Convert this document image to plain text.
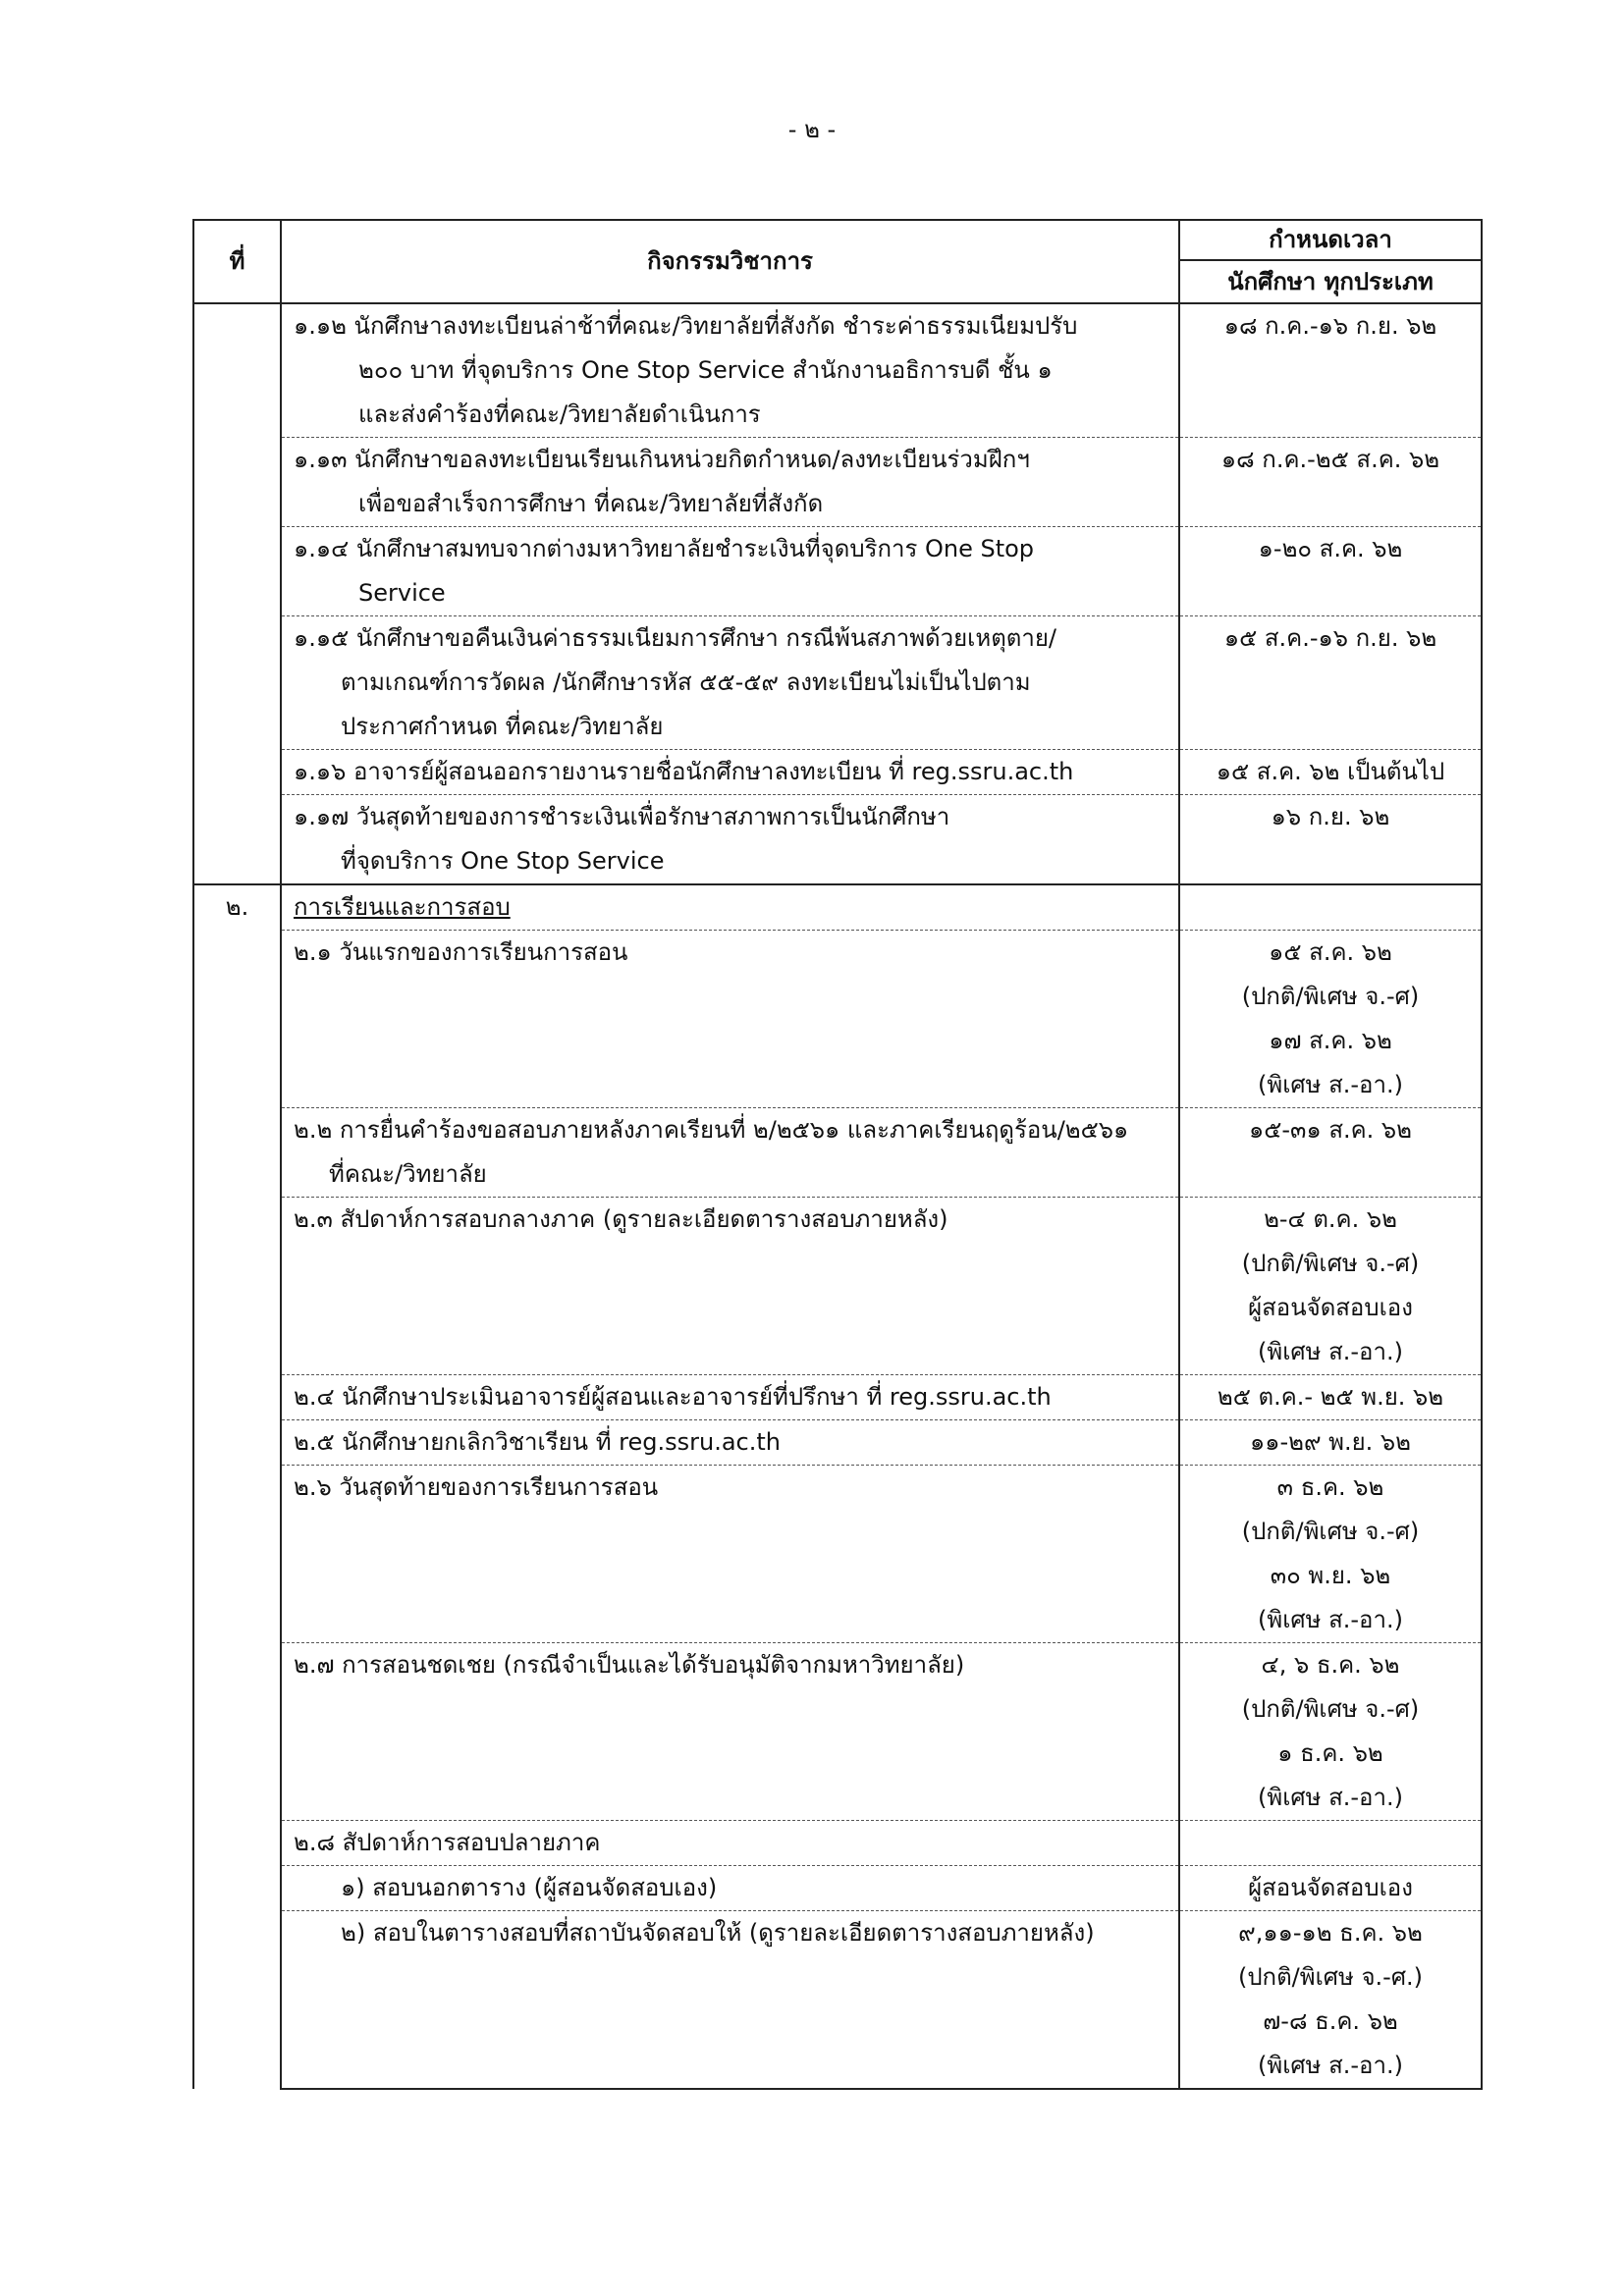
- ๒ -
ที่	กิจกรรมวิชาการ	กำหนดเวลา
		นักศึกษา ทุกประเภท

	๑.๑๒ นักศึกษาลงทะเบียนล่าช้าที่คณะ/วิทยาลัยที่สังกัด ชำระค่าธรรมเนียมปรับ
๒๐๐ บาท ที่จุดบริการ One Stop Service สำนักงานอธิการบดี ชั้น ๑
และส่งคำร้องที่คณะ/วิทยาลัยดำเนินการ	๑๘ ก.ค.-๑๖ ก.ย. ๖๒

	๑.๑๓ นักศึกษาขอลงทะเบียนเรียนเกินหน่วยกิตกำหนด/ลงทะเบียนร่วมฝึกฯ
เพื่อขอสำเร็จการศึกษา ที่คณะ/วิทยาลัยที่สังกัด	๑๘ ก.ค.-๒๕ ส.ค. ๖๒

	๑.๑๔ นักศึกษาสมทบจากต่างมหาวิทยาลัยชำระเงินที่จุดบริการ One Stop
Service	๑-๒๐ ส.ค. ๖๒

	๑.๑๕ นักศึกษาขอคืนเงินค่าธรรมเนียมการศึกษา กรณีพ้นสภาพด้วยเหตุตาย/
ตามเกณฑ์การวัดผล /นักศึกษารหัส ๕๕-๕๙ ลงทะเบียนไม่เป็นไปตาม
ประกาศกำหนด ที่คณะ/วิทยาลัย	๑๕ ส.ค.-๑๖ ก.ย. ๖๒

	๑.๑๖ อาจารย์ผู้สอนออกรายงานรายชื่อนักศึกษาลงทะเบียน ที่ reg.ssru.ac.th	๑๕ ส.ค. ๖๒ เป็นต้นไป

	๑.๑๗ วันสุดท้ายของการชำระเงินเพื่อรักษาสภาพการเป็นนักศึกษา
ที่จุดบริการ One Stop Service	๑๖ ก.ย. ๖๒

๒.	การเรียนและการสอบ	

	๒.๑ วันแรกของการเรียนการสอน	๑๕ ส.ค. ๖๒
(ปกติ/พิเศษ จ.-ศ)
๑๗ ส.ค. ๖๒
(พิเศษ ส.-อา.)

	๒.๒ การยื่นคำร้องขอสอบภายหลังภาคเรียนที่ ๒/๒๕๖๑ และภาคเรียนฤดูร้อน/๒๕๖๑
ที่คณะ/วิทยาลัย	๑๕-๓๑ ส.ค. ๖๒

	๒.๓ สัปดาห์การสอบกลางภาค (ดูรายละเอียดตารางสอบภายหลัง)	๒-๔ ต.ค. ๖๒
(ปกติ/พิเศษ จ.-ศ)
ผู้สอนจัดสอบเอง
(พิเศษ ส.-อา.)

	๒.๔ นักศึกษาประเมินอาจารย์ผู้สอนและอาจารย์ที่ปรึกษา ที่ reg.ssru.ac.th	๒๕ ต.ค.- ๒๕ พ.ย. ๖๒

	๒.๕ นักศึกษายกเลิกวิชาเรียน ที่ reg.ssru.ac.th	๑๑-๒๙ พ.ย. ๖๒

	๒.๖ วันสุดท้ายของการเรียนการสอน	๓ ธ.ค. ๖๒
(ปกติ/พิเศษ จ.-ศ)
๓๐ พ.ย. ๖๒
(พิเศษ ส.-อา.)

	๒.๗ การสอนชดเชย (กรณีจำเป็นและได้รับอนุมัติจากมหาวิทยาลัย)	๔, ๖ ธ.ค. ๖๒
(ปกติ/พิเศษ จ.-ศ)
๑ ธ.ค. ๖๒
(พิเศษ ส.-อา.)

	๒.๘ สัปดาห์การสอบปลายภาค	

	๑) สอบนอกตาราง (ผู้สอนจัดสอบเอง)	ผู้สอนจัดสอบเอง

	๒) สอบในตารางสอบที่สถาบันจัดสอบให้ (ดูรายละเอียดตารางสอบภายหลัง)	๙,๑๑-๑๒ ธ.ค. ๖๒
(ปกติ/พิเศษ จ.-ศ.)
๗-๘ ธ.ค. ๖๒
(พิเศษ ส.-อา.)
